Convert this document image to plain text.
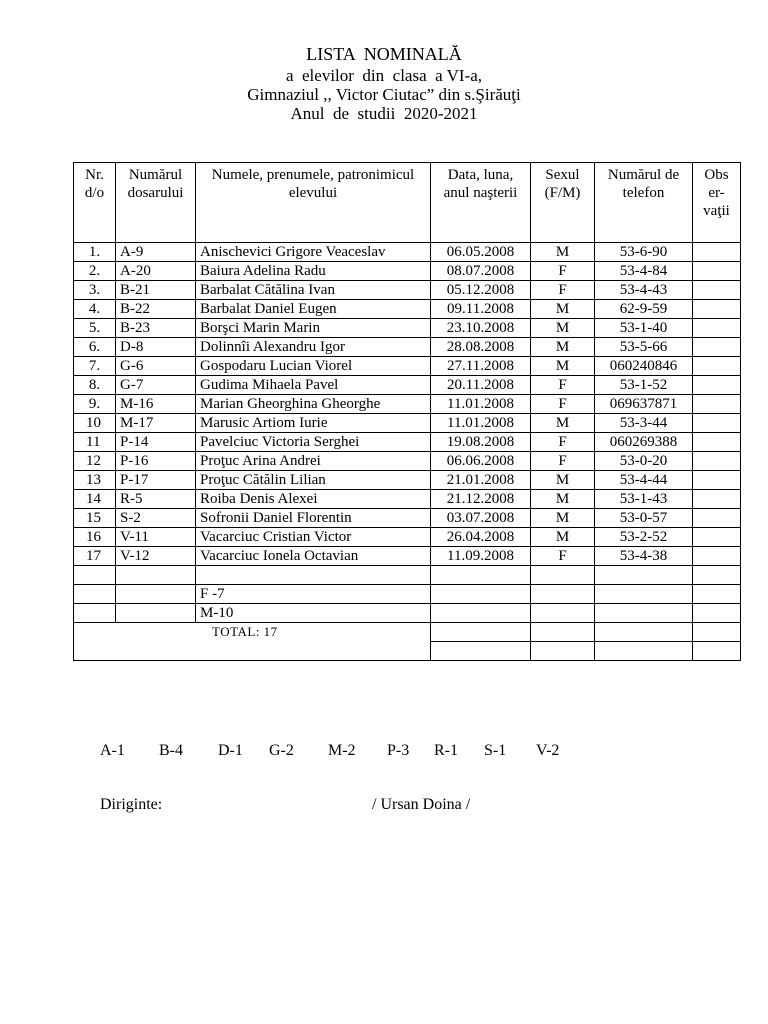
LISTA  NOMINALĂ
a  elevilor  din  clasa  a VI-a,
Gimnaziul ,, Victor Ciutac” din s.Şirăuţi
Anul  de  studii  2020-2021
Nr. d/o	Numărul dosarului	Numele, prenumele, patronimicul elevului	Data, luna, anul naşterii	Sexul (F/M)	Numărul de telefon	Obs er- vaţii
1.	A-9	Anischevici Grigore Veaceslav	06.05.2008	M	53-6-90	
2.	A-20	Baiura Adelina Radu	08.07.2008	F	53-4-84	
3.	B-21	Barbalat Cătălina Ivan	05.12.2008	F	53-4-43	
4.	B-22	Barbalat Daniel Eugen	09.11.2008	M	62-9-59	
5.	B-23	Borşci Marin Marin	23.10.2008	M	53-1-40	
6.	D-8	Dolinnîi Alexandru Igor	28.08.2008	M	53-5-66	
7.	G-6	Gospodaru Lucian Viorel	27.11.2008	M	060240846	
8.	G-7	Gudima Mihaela Pavel	20.11.2008	F	53-1-52	
9.	M-16	Marian Gheorghina Gheorghe	11.01.2008	F	069637871	
10	M-17	Marusic Artiom Iurie	11.01.2008	M	53-3-44	
11	P-14	Pavelciuc Victoria Serghei	19.08.2008	F	060269388	
12	P-16	Proţuc Arina Andrei	06.06.2008	F	53-0-20	
13	P-17	Proţuc Cătălin Lilian	21.01.2008	M	53-4-44	
14	R-5	Roiba Denis Alexei	21.12.2008	M	53-1-43	
15	S-2	Sofronii Daniel Florentin	03.07.2008	M	53-0-57	
16	V-11	Vacarciuc Cristian Victor	26.04.2008	M	53-2-52	
17	V-12	Vacarciuc Ionela Octavian	11.09.2008	F	53-4-38	

		F -7				
		M-10				
TOTAL: 17						

A-1 B-4 D-1 G-2 M-2 P-3 R-1 S-1 V-2
Diriginte:	/ Ursan Doina /
